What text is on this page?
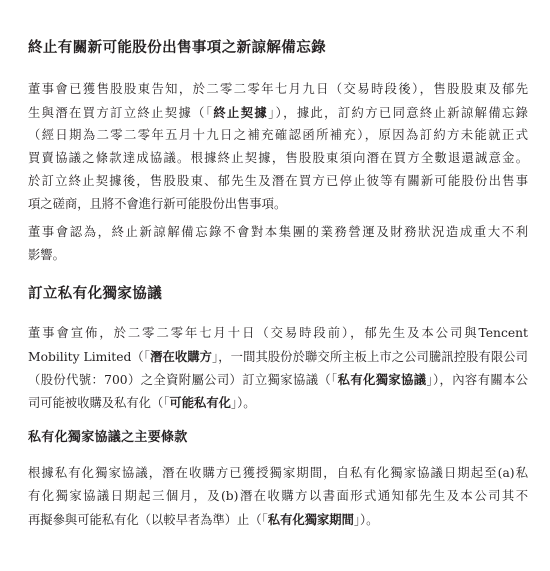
終止有關新可能股份出售事項之新諒解備忘錄
董事會已獲售股股東告知，於二零二零年七月九日（交易時段後），售股股東及郁先
生與潛在買方訂立終止契據（「終止契據」），據此，訂約方已同意終止新諒解備忘錄
（經日期為二零二零年五月十九日之補充確認函所補充），原因為訂約方未能就正式
買賣協議之條款達成協議。根據終止契據，售股股東須向潛在買方全數退還誠意金。
於訂立終止契據後，售股股東、郁先生及潛在買方已停止彼等有關新可能股份出售事
項之磋商，且將不會進行新可能股份出售事項。
董事會認為，終止新諒解備忘錄不會對本集團的業務營運及財務狀況造成重大不利
影響。
訂立私有化獨家協議
董事會宣佈，於二零二零年七月十日（交易時段前），郁先生及本公司與Tencent
Mobility Limited（「潛在收購方」，一間其股份於聯交所主板上市之公司騰訊控股有限公司
（股份代號：700）之全資附屬公司）訂立獨家協議（「私有化獨家協議」），內容有關本公
司可能被收購及私有化（「可能私有化」）。
私有化獨家協議之主要條款
根據私有化獨家協議，潛在收購方已獲授獨家期間，自私有化獨家協議日期起至(a)私
有化獨家協議日期起三個月，及(b)潛在收購方以書面形式通知郁先生及本公司其不
再擬參與可能私有化（以較早者為準）止（「私有化獨家期間」）。
